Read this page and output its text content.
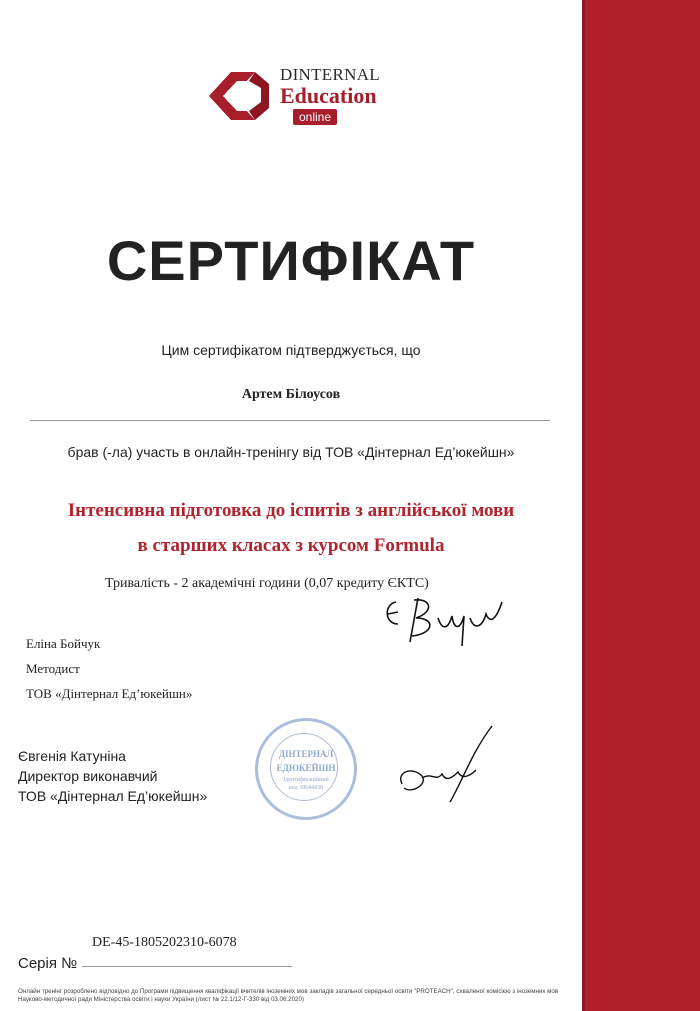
DINTERNAL
Education
online
СЕРТИФІКАТ
Цим сертифікатом підтверджується, що
Артем Білоусов
брав (-ла) участь в онлайн-тренінгу від ТОВ «Дінтернал Ед’юкейшн»
Інтенсивна підготовка до іспитів з англійської мови
в старших класах з курсом Formula
Тривалість - 2 академічні години (0,07 кредиту ЄКТС)
Еліна Бойчук
Методист
ТОВ «Дінтернал Ед’юкейшн»
Євгенія Катуніна
Директор виконавчий
ТОВ «Дінтернал Ед’юкейшн»
ДІНТЕРНАЛ
ЕДЮКЕЙШН
Ідентифікаційний
код 39644438
DE-45-1805202310-6078
Серія №
Онлайн тренінг розроблено відповідно до Програми підвищення кваліфікації вчителів іноземних мов закладів загальної середньої освіти "PROTEACH", схваленої комісією з іноземних мов Науково-методичної ради Міністерства освіти і науки України (лист № 22.1/12-Г-330 від 03.06.2020)
